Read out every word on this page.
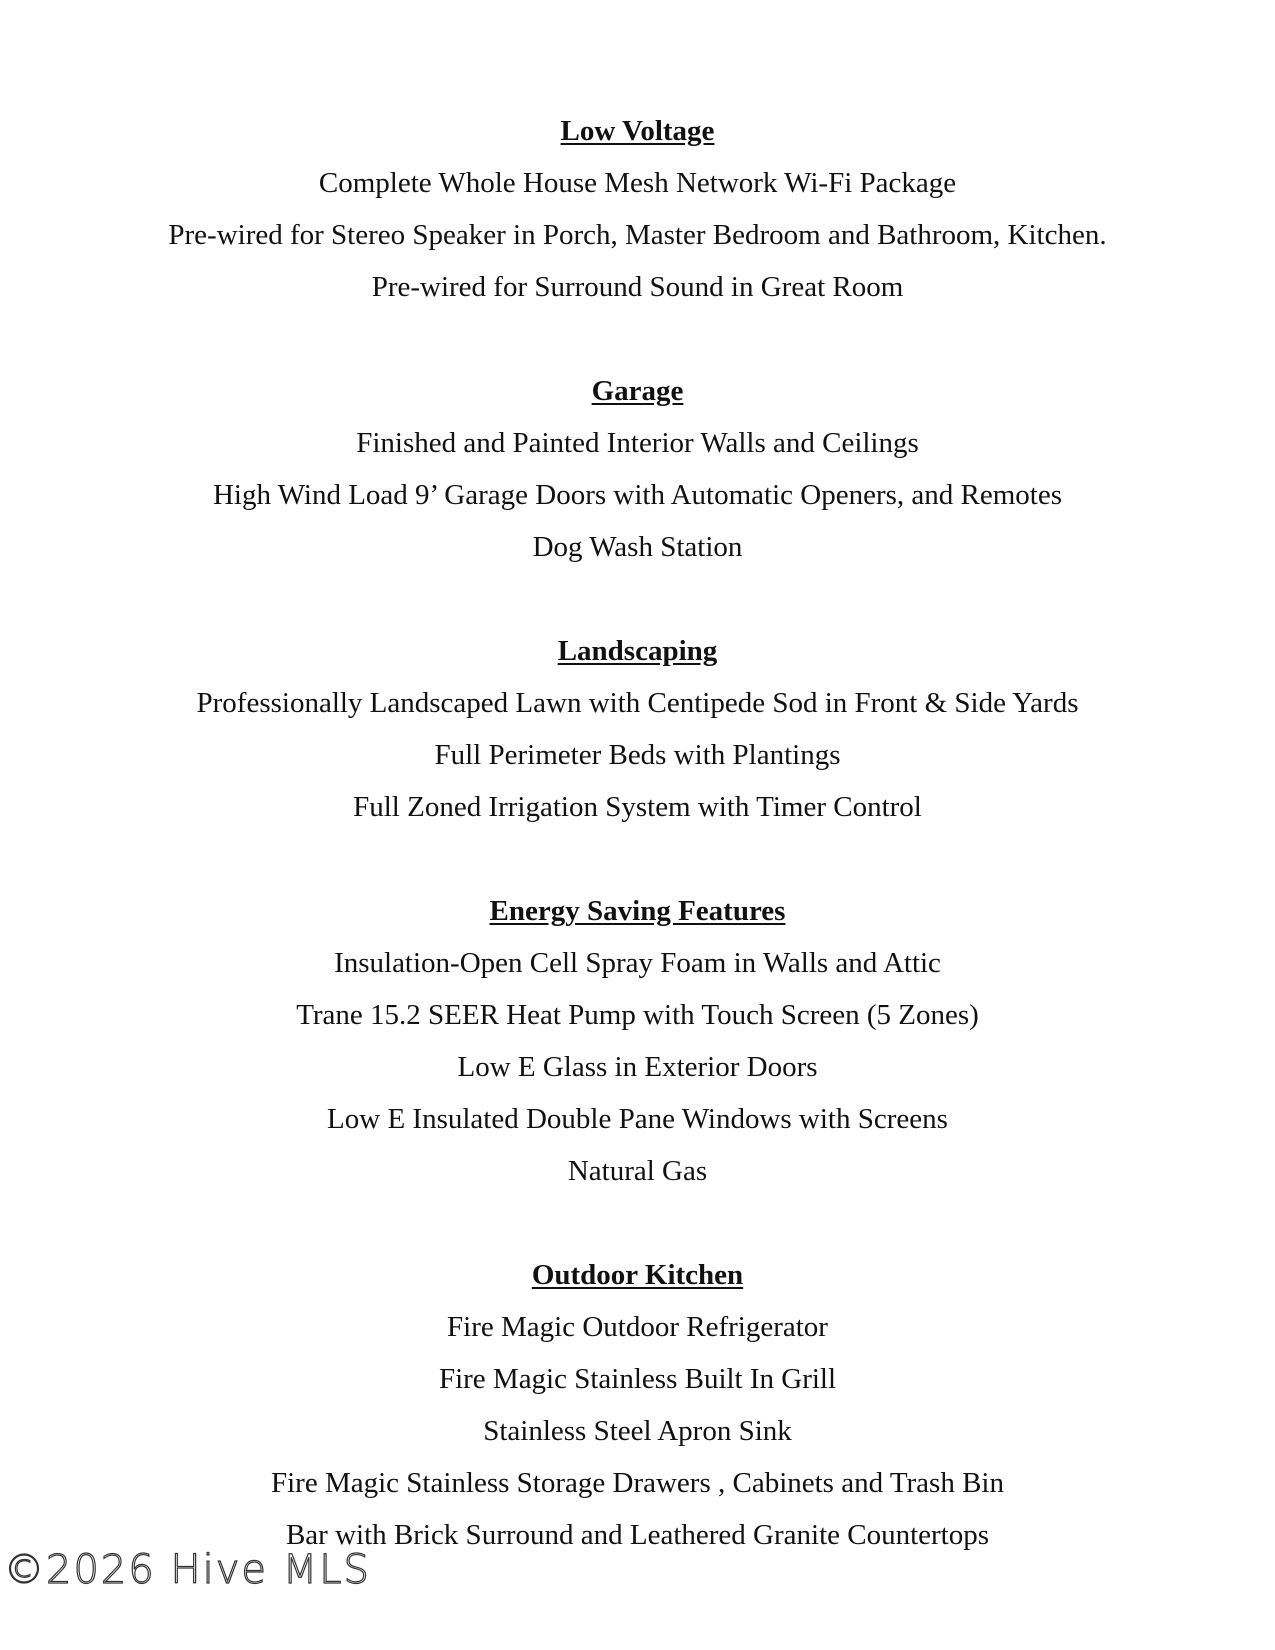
Low Voltage
Complete Whole House Mesh Network Wi-Fi Package
Pre-wired for Stereo Speaker in Porch, Master Bedroom and Bathroom, Kitchen.
Pre-wired for Surround Sound in Great Room
Garage
Finished and Painted Interior Walls and Ceilings
High Wind Load 9’ Garage Doors with Automatic Openers, and Remotes
Dog Wash Station
Landscaping
Professionally Landscaped Lawn with Centipede Sod in Front & Side Yards
Full Perimeter Beds with Plantings
Full Zoned Irrigation System with Timer Control
Energy Saving Features
Insulation-Open Cell Spray Foam in Walls and Attic
Trane 15.2 SEER Heat Pump with Touch Screen (5 Zones)
Low E Glass in Exterior Doors
Low E Insulated Double Pane Windows with Screens
Natural Gas
Outdoor Kitchen
Fire Magic Outdoor Refrigerator
Fire Magic Stainless Built In Grill
Stainless Steel Apron Sink
Fire Magic Stainless Storage Drawers , Cabinets and Trash Bin
Bar with Brick Surround and Leathered Granite Countertops
©2026 Hive MLS
